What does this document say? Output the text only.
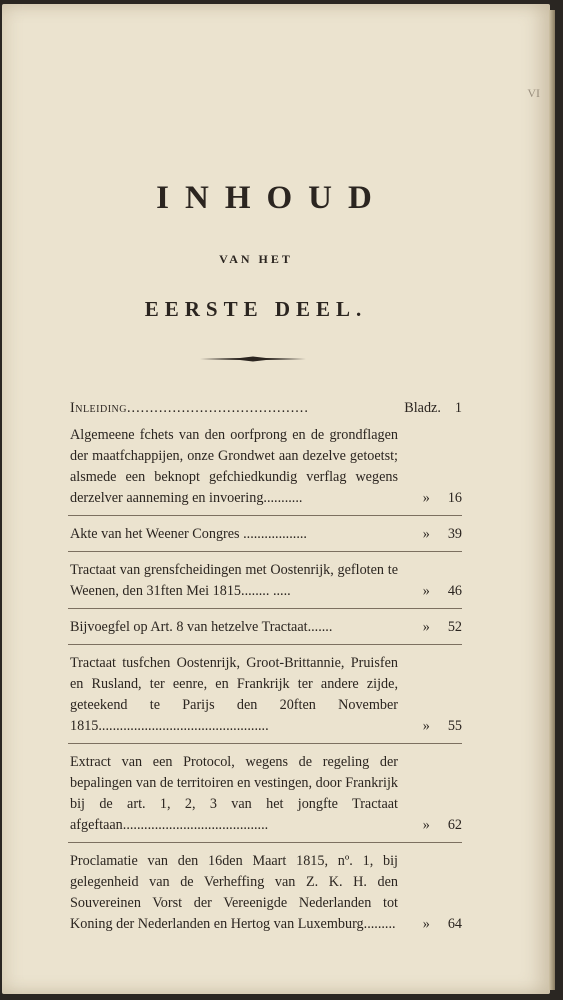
VI
INHOUD
VAN HET
EERSTE DEEL.
Inleiding........................................	Bladz. 1
Algemeene fchets van den oorfprong en de grondflagen der maatfchappijen, onze Grondwet aan dezelve getoetst; alsmede een beknopt gefchiedkundig verflag wegens derzelver aanneming en invoering...........	» 16
Akte van het Weener Congres ..................	» 39
Tractaat van grensfcheidingen met Oostenrijk, gefloten te Weenen, den 31ften Mei 1815........ .....	» 46
Bijvoegfel op Art. 8 van hetzelve Tractaat.......	» 52
Tractaat tusfchen Oostenrijk, Groot-Brittannie, Pruisfen en Rusland, ter eenre, en Frankrijk ter andere zijde, geteekend te Parijs den 20ften November 1815................................................	» 55
Extract van een Protocol, wegens de regeling der bepalingen van de territoiren en vestingen, door Frankrijk bij de art. 1, 2, 3 van het jongfte Tractaat afgeftaan.........................................	» 62
Proclamatie van den 16den Maart 1815, nº. 1, bij gelegenheid van de Verheffing van Z. K. H. den Souvereinen Vorst der Vereenigde Nederlanden tot Koning der Nederlanden en Hertog van Luxemburg.........	» 64
